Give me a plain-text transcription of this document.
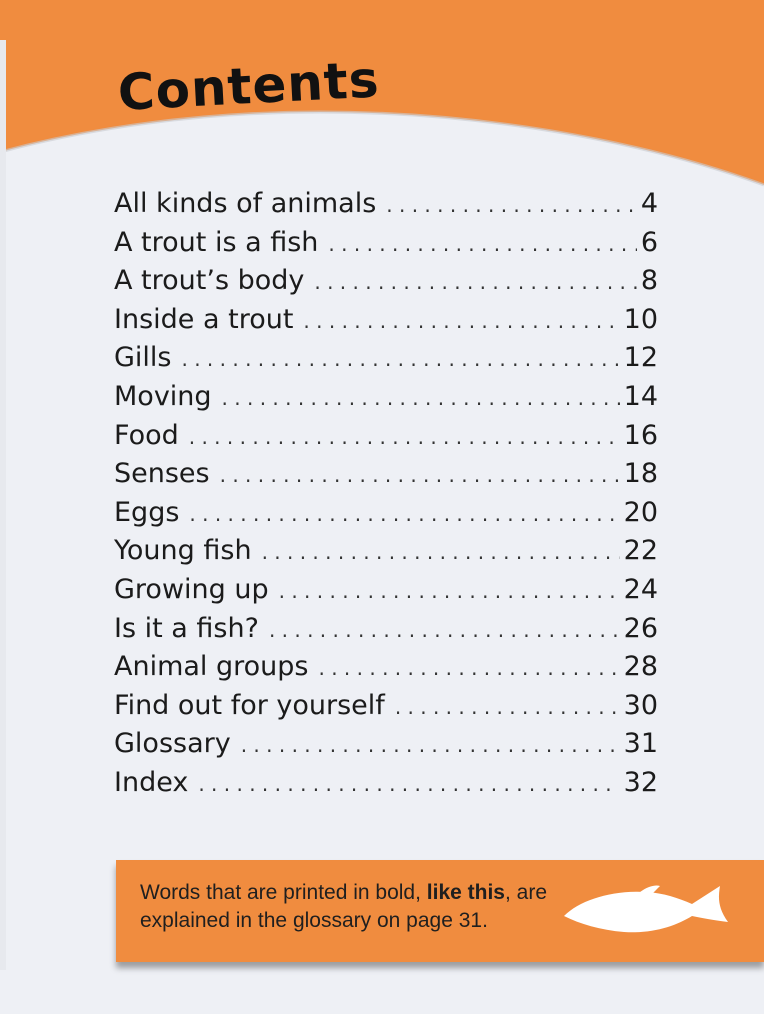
Contents
All kinds of animals . . .	4
A trout is a fish . . .	6
A trout’s body . . .	8
Inside a trout . . .	10
Gills . . .	12
Moving . . .	14
Food . . .	16
Senses . . .	18
Eggs . . .	20
Young fish . . .	22
Growing up . . .	24
Is it a fish? . . .	26
Animal groups . . .	28
Find out for yourself . . .	30
Glossary . . .	31
Index . . .	32

Words that are printed in bold, like this, are explained in the glossary on page 31.
